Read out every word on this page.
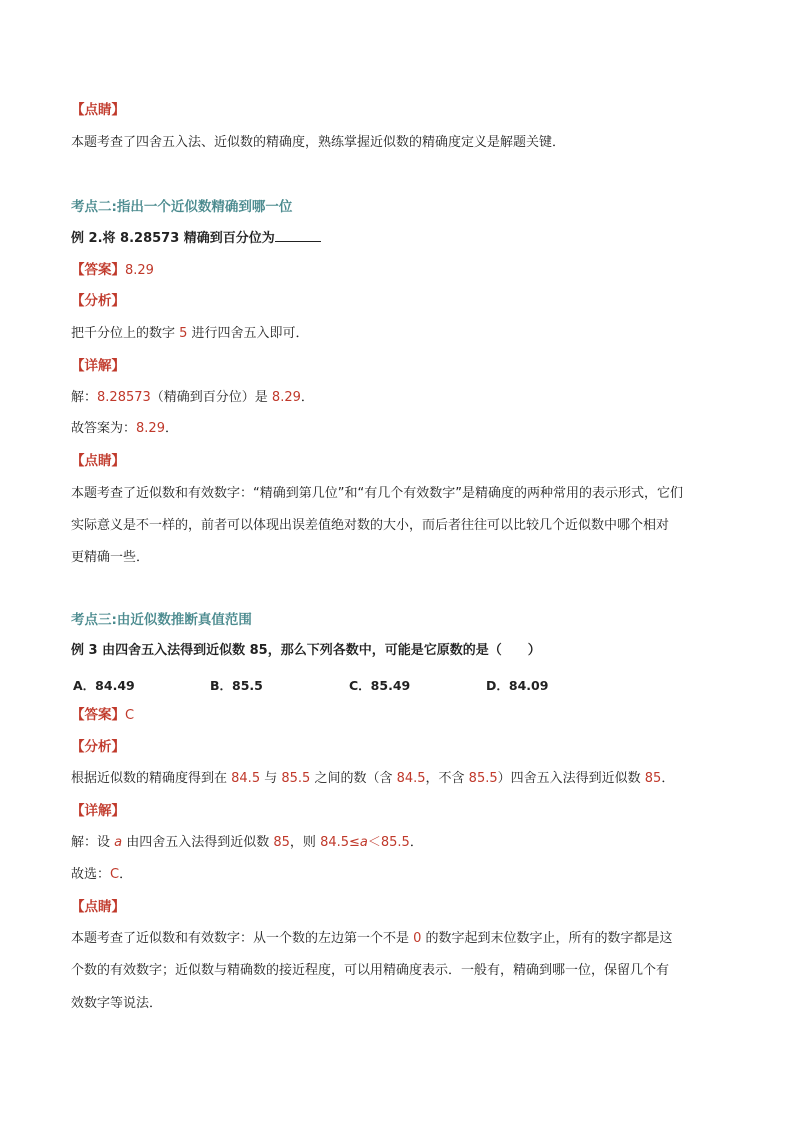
【点睛】
本题考查了四舍五入法、近似数的精确度，熟练掌握近似数的精确度定义是解题关键．
考点二:指出一个近似数精确到哪一位
例 2.将 8.28573 精确到百分位为
【答案】8.29
【分析】
把千分位上的数字 5 进行四舍五入即可．
【详解】
解：8.28573（精确到百分位）是 8.29．
故答案为：8.29．
【点睛】
本题考查了近似数和有效数字：“精确到第几位”和“有几个有效数字”是精确度的两种常用的表示形式，它们
实际意义是不一样的，前者可以体现出误差值绝对数的大小，而后者往往可以比较几个近似数中哪个相对
更精确一些．
考点三:由近似数推断真值范围
例 3 由四舍五入法得到近似数 85，那么下列各数中，可能是它原数的是（　　）
A．84.49	B．85.5	C．85.49	D．84.09
【答案】C
【分析】
根据近似数的精确度得到在 84.5 与 85.5 之间的数（含 84.5，不含 85.5）四舍五入法得到近似数 85．
【详解】
解：设 a 由四舍五入法得到近似数 85，则 84.5≤a＜85.5．
故选：C．
【点睛】
本题考查了近似数和有效数字：从一个数的左边第一个不是 0 的数字起到末位数字止，所有的数字都是这
个数的有效数字；近似数与精确数的接近程度，可以用精确度表示．一般有，精确到哪一位，保留几个有
效数字等说法．
